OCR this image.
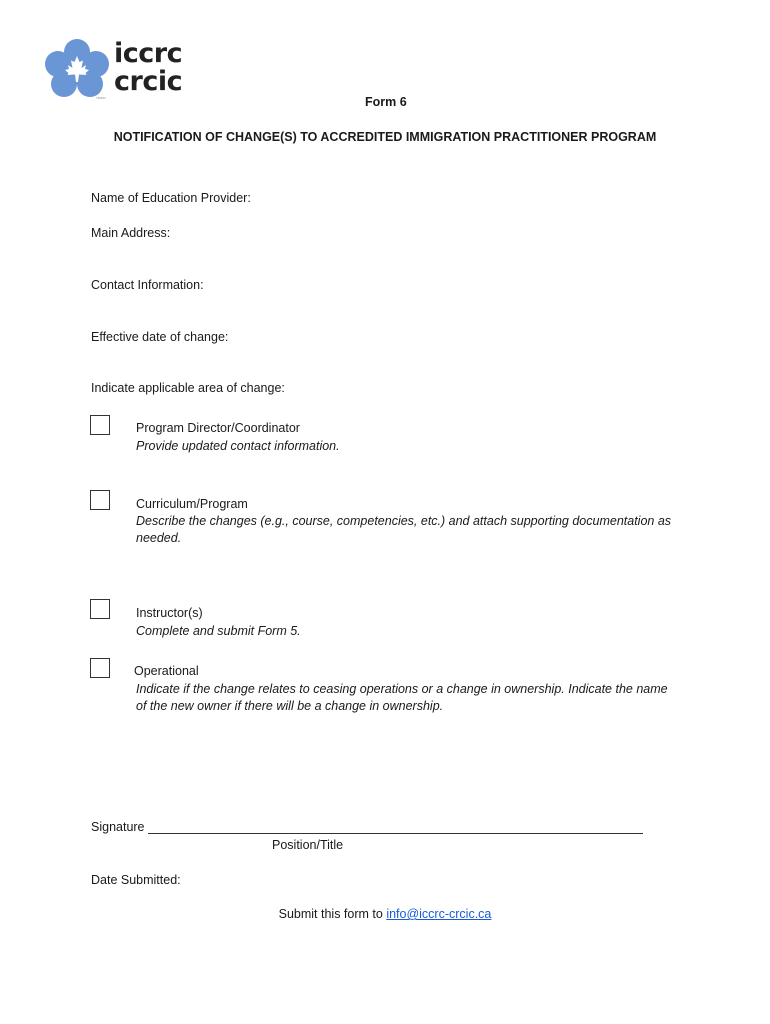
iccrc
crcic
TM/MC	Form 6
NOTIFICATION OF CHANGE(S) TO ACCREDITED IMMIGRATION PRACTITIONER PROGRAM
Name of Education Provider:
Main Address:
Contact Information:
Effective date of change:
Indicate applicable area of change:
Program Director/Coordinator
Provide updated contact information.
Curriculum/Program
Describe the changes (e.g., course, competencies, etc.) and attach supporting documentation as
needed.
Instructor(s)
Complete and submit Form 5.
Operational
Indicate if the change relates to ceasing operations or a change in ownership. Indicate the name
of the new owner if there will be a change in ownership.
Signature
Position/Title
Date Submitted:
Submit this form to info@iccrc-crcic.ca
